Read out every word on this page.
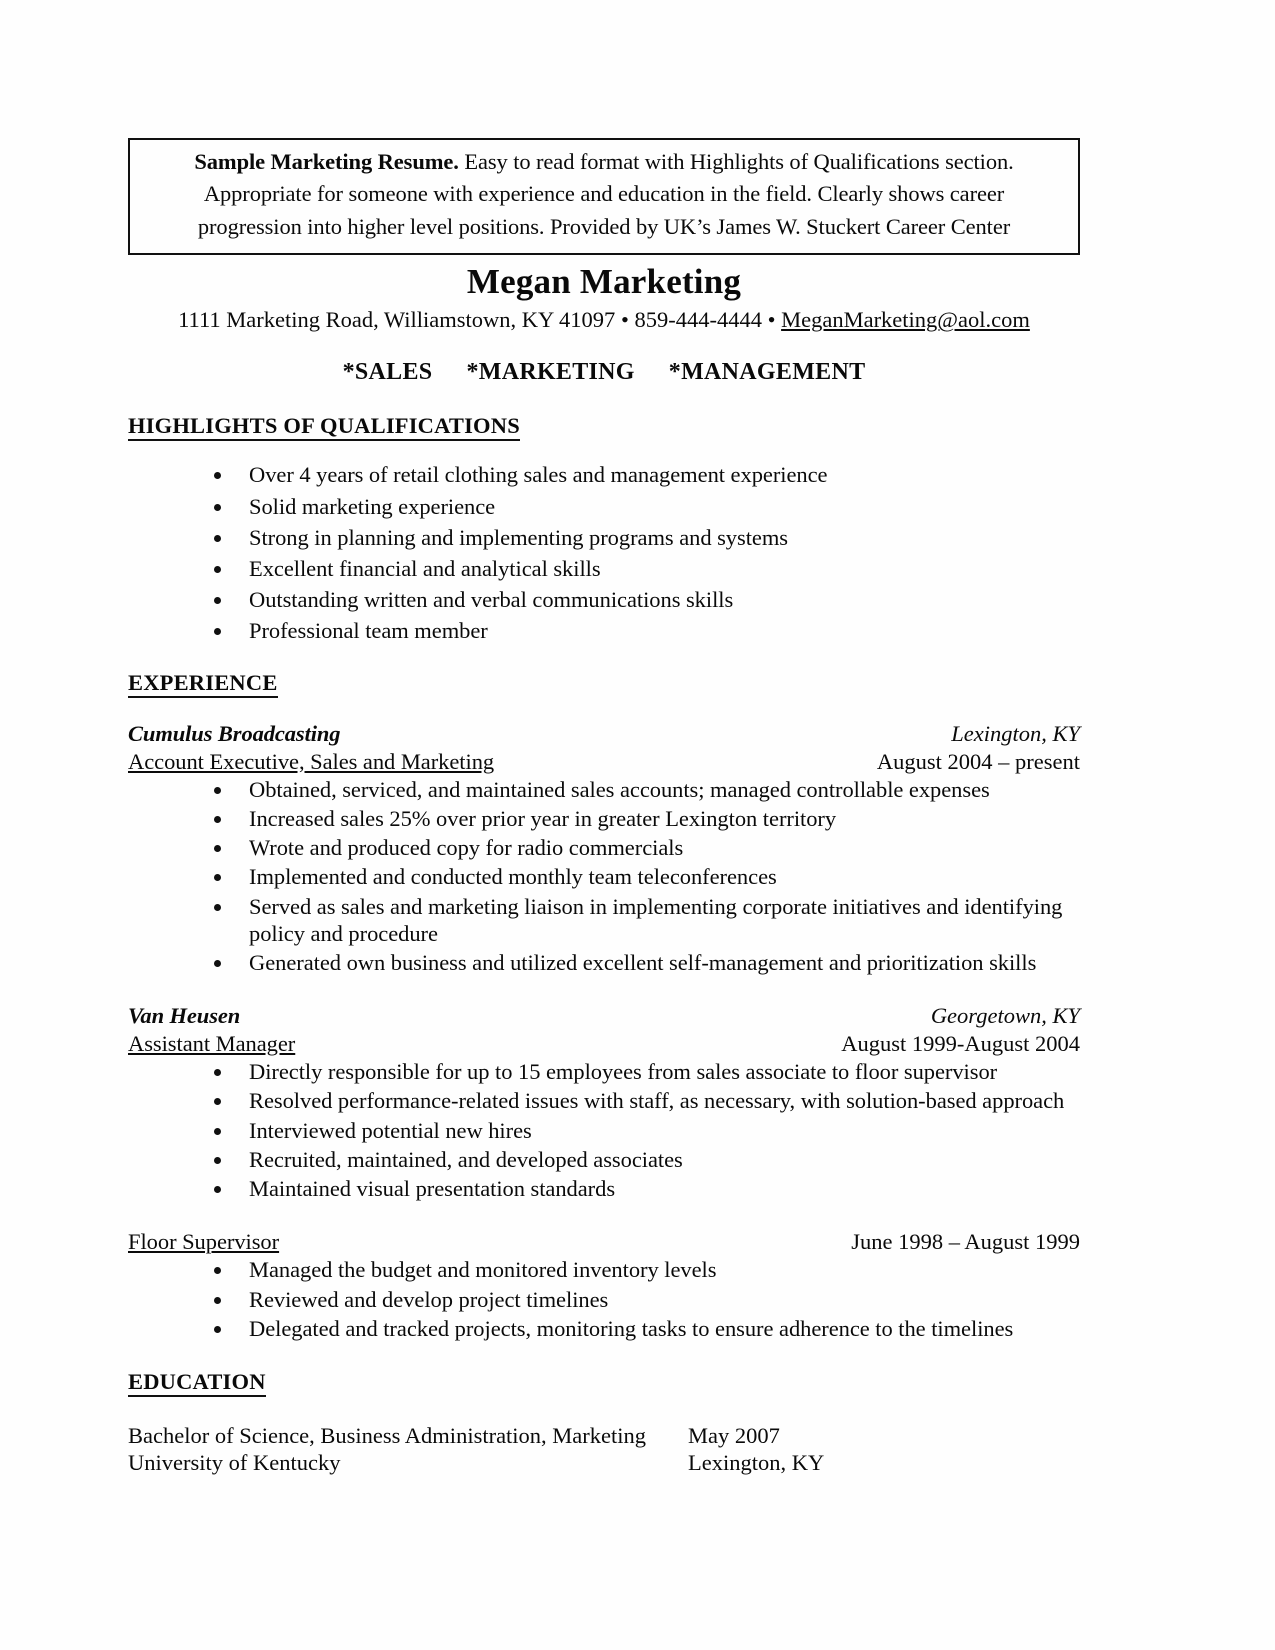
Sample Marketing Resume. Easy to read format with Highlights of Qualifications section.
Appropriate for someone with experience and education in the field. Clearly shows career
progression into higher level positions. Provided by UK’s James W. Stuckert Career Center
Megan Marketing
1111 Marketing Road, Williamstown, KY 41097 • 859-444-4444 • MeganMarketing@aol.com
*SALES *MARKETING *MANAGEMENT
HIGHLIGHTS OF QUALIFICATIONS
Over 4 years of retail clothing sales and management experience
Solid marketing experience
Strong in planning and implementing programs and systems
Excellent financial and analytical skills
Outstanding written and verbal communications skills
Professional team member
EXPERIENCE
Cumulus Broadcasting	Lexington, KY
Account Executive, Sales and Marketing	August 2004 – present
Obtained, serviced, and maintained sales accounts; managed controllable expenses
Increased sales 25% over prior year in greater Lexington territory
Wrote and produced copy for radio commercials
Implemented and conducted monthly team teleconferences
Served as sales and marketing liaison in implementing corporate initiatives and identifying policy and procedure
Generated own business and utilized excellent self-management and prioritization skills
Van Heusen	Georgetown, KY
Assistant Manager	August 1999-August 2004
Directly responsible for up to 15 employees from sales associate to floor supervisor
Resolved performance-related issues with staff, as necessary, with solution-based approach
Interviewed potential new hires
Recruited, maintained, and developed associates
Maintained visual presentation standards
Floor Supervisor	June 1998 – August 1999
Managed the budget and monitored inventory levels
Reviewed and develop project timelines
Delegated and tracked projects, monitoring tasks to ensure adherence to the timelines
EDUCATION
Bachelor of Science, Business Administration, Marketing	May 2007
University of Kentucky	Lexington, KY
